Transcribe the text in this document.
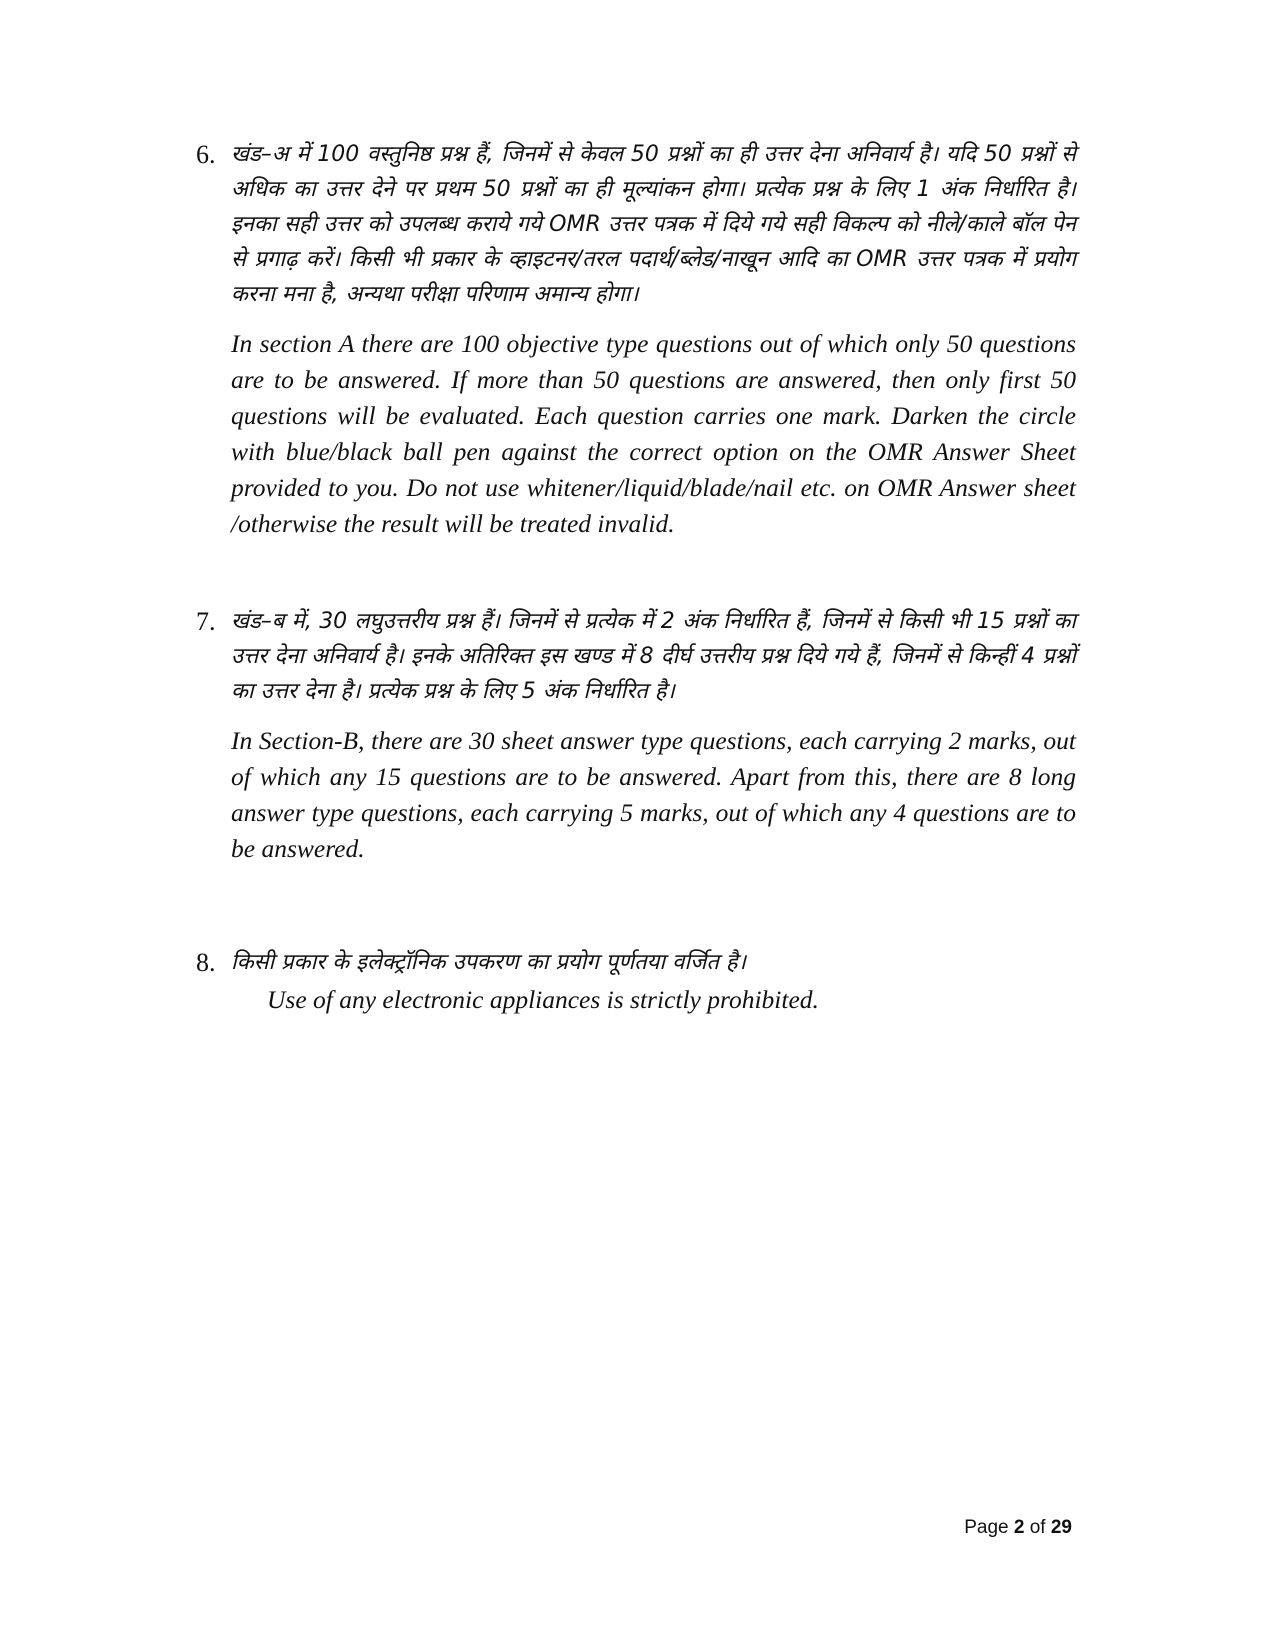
6. खंड–अ में 100 वस्तुनिष्ठ प्रश्न हैं, जिनमें से केवल 50 प्रश्नों का ही उत्तर देना अनिवार्य है। यदि 50 प्रश्नों से अधिक का उत्तर देने पर प्रथम 50 प्रश्नों का ही मूल्यांकन होगा। प्रत्येक प्रश्न के लिए 1 अंक निर्धारित है। इनका सही उत्तर को उपलब्ध कराये गये OMR उत्तर पत्रक में दिये गये सही विकल्प को नीले/काले बॉल पेन से प्रगाढ़ करें। किसी भी प्रकार के व्हाइटनर/तरल पदार्थ/ब्लेड/नाखून आदि का OMR उत्तर पत्रक में प्रयोग करना मना है, अन्यथा परीक्षा परिणाम अमान्य होगा।

In section A there are 100 objective type questions out of which only 50 questions are to be answered. If more than 50 questions are answered, then only first 50 questions will be evaluated. Each question carries one mark. Darken the circle with blue/black ball pen against the correct option on the OMR Answer Sheet provided to you. Do not use whitener/liquid/blade/nail etc. on OMR Answer sheet /otherwise the result will be treated invalid.

7. खंड–ब में, 30 लघुउत्तरीय प्रश्न हैं। जिनमें से प्रत्येक में 2 अंक निर्धारित हैं, जिनमें से किसी भी 15 प्रश्नों का उत्तर देना अनिवार्य है। इनके अतिरिक्त इस खण्ड में 8 दीर्घ उत्तरीय प्रश्न दिये गये हैं, जिनमें से किन्हीं 4 प्रश्नों का उत्तर देना है। प्रत्येक प्रश्न के लिए 5 अंक निर्धारित है।

In Section-B, there are 30 sheet answer type questions, each carrying 2 marks, out of which any 15 questions are to be answered. Apart from this, there are 8 long answer type questions, each carrying 5 marks, out of which any 4 questions are to be answered.

8. किसी प्रकार के इलेक्ट्रॉनिक उपकरण का प्रयोग पूर्णतया वर्जित है।

Use of any electronic appliances is strictly prohibited.

Page 2 of 29
